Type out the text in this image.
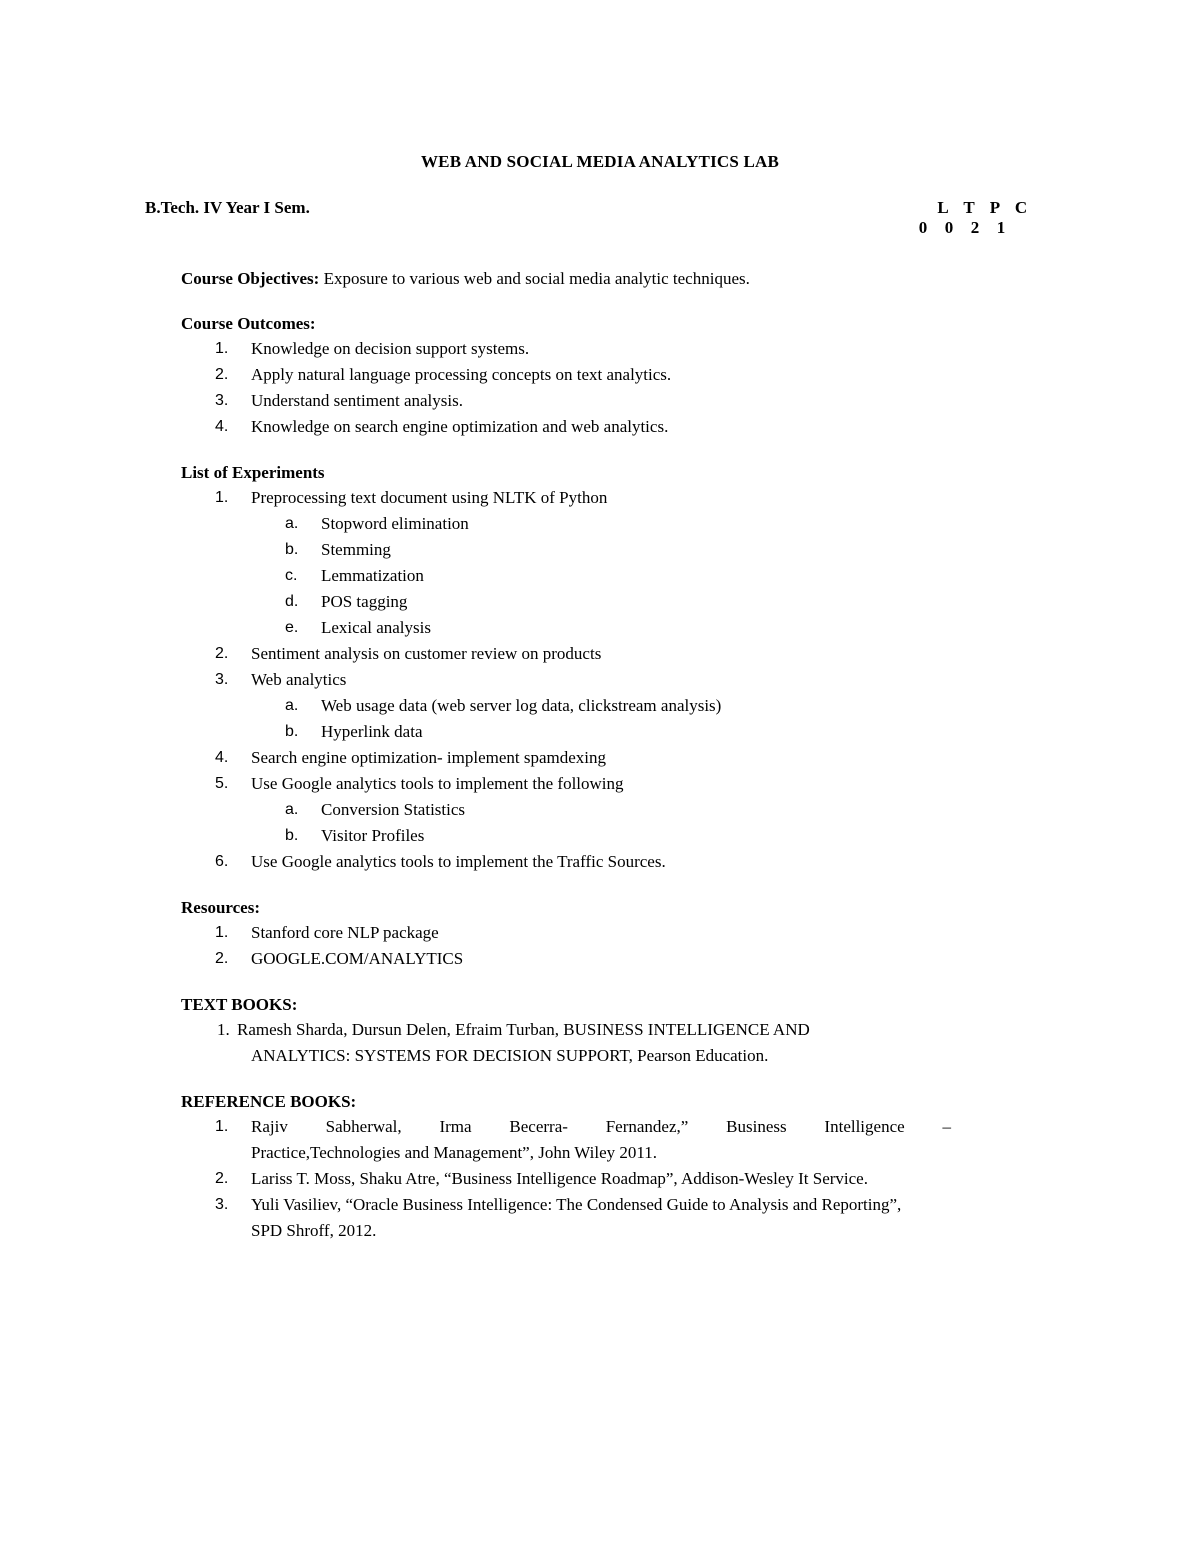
WEB AND SOCIAL MEDIA ANALYTICS LAB
B.Tech. IV Year I Sem.	L T P C
0	0	2	1

Course Objectives: Exposure to various web and social media analytic techniques.

Course Outcomes:

1.	Knowledge on decision support systems.
2.	Apply natural language processing concepts on text analytics.
3.	Understand sentiment analysis.
4.	Knowledge on search engine optimization and web analytics.

List of Experiments

1.	Preprocessing text document using NLTK of Python
a. Stopword elimination
b. Stemming
c. Lemmatization
d. POS tagging
e. Lexical analysis
2.	Sentiment analysis on customer review on products
3.	Web analytics
a. Web usage data (web server log data, clickstream analysis)
b. Hyperlink data
4.	Search engine optimization- implement spamdexing
5.	Use Google analytics tools to implement the following
a. Conversion Statistics
b. Visitor Profiles
6.	Use Google analytics tools to implement the Traffic Sources.

Resources:

1.	Stanford core NLP package
2.	GOOGLE.COM/ANALYTICS

TEXT BOOKS:

1. Ramesh Sharda, Dursun Delen, Efraim Turban, BUSINESS INTELLIGENCE AND
ANALYTICS: SYSTEMS FOR DECISION SUPPORT, Pearson Education.

REFERENCE BOOKS:

1.	Rajiv Sabherwal, Irma Becerra- Fernandez,” Business Intelligence –
Practice,Technologies and Management”, John Wiley 2011.
2.	Lariss T. Moss, Shaku Atre, “Business Intelligence Roadmap”, Addison-Wesley It Service.
3.	Yuli Vasiliev, “Oracle Business Intelligence: The Condensed Guide to Analysis and Reporting”,
SPD Shroff, 2012.
